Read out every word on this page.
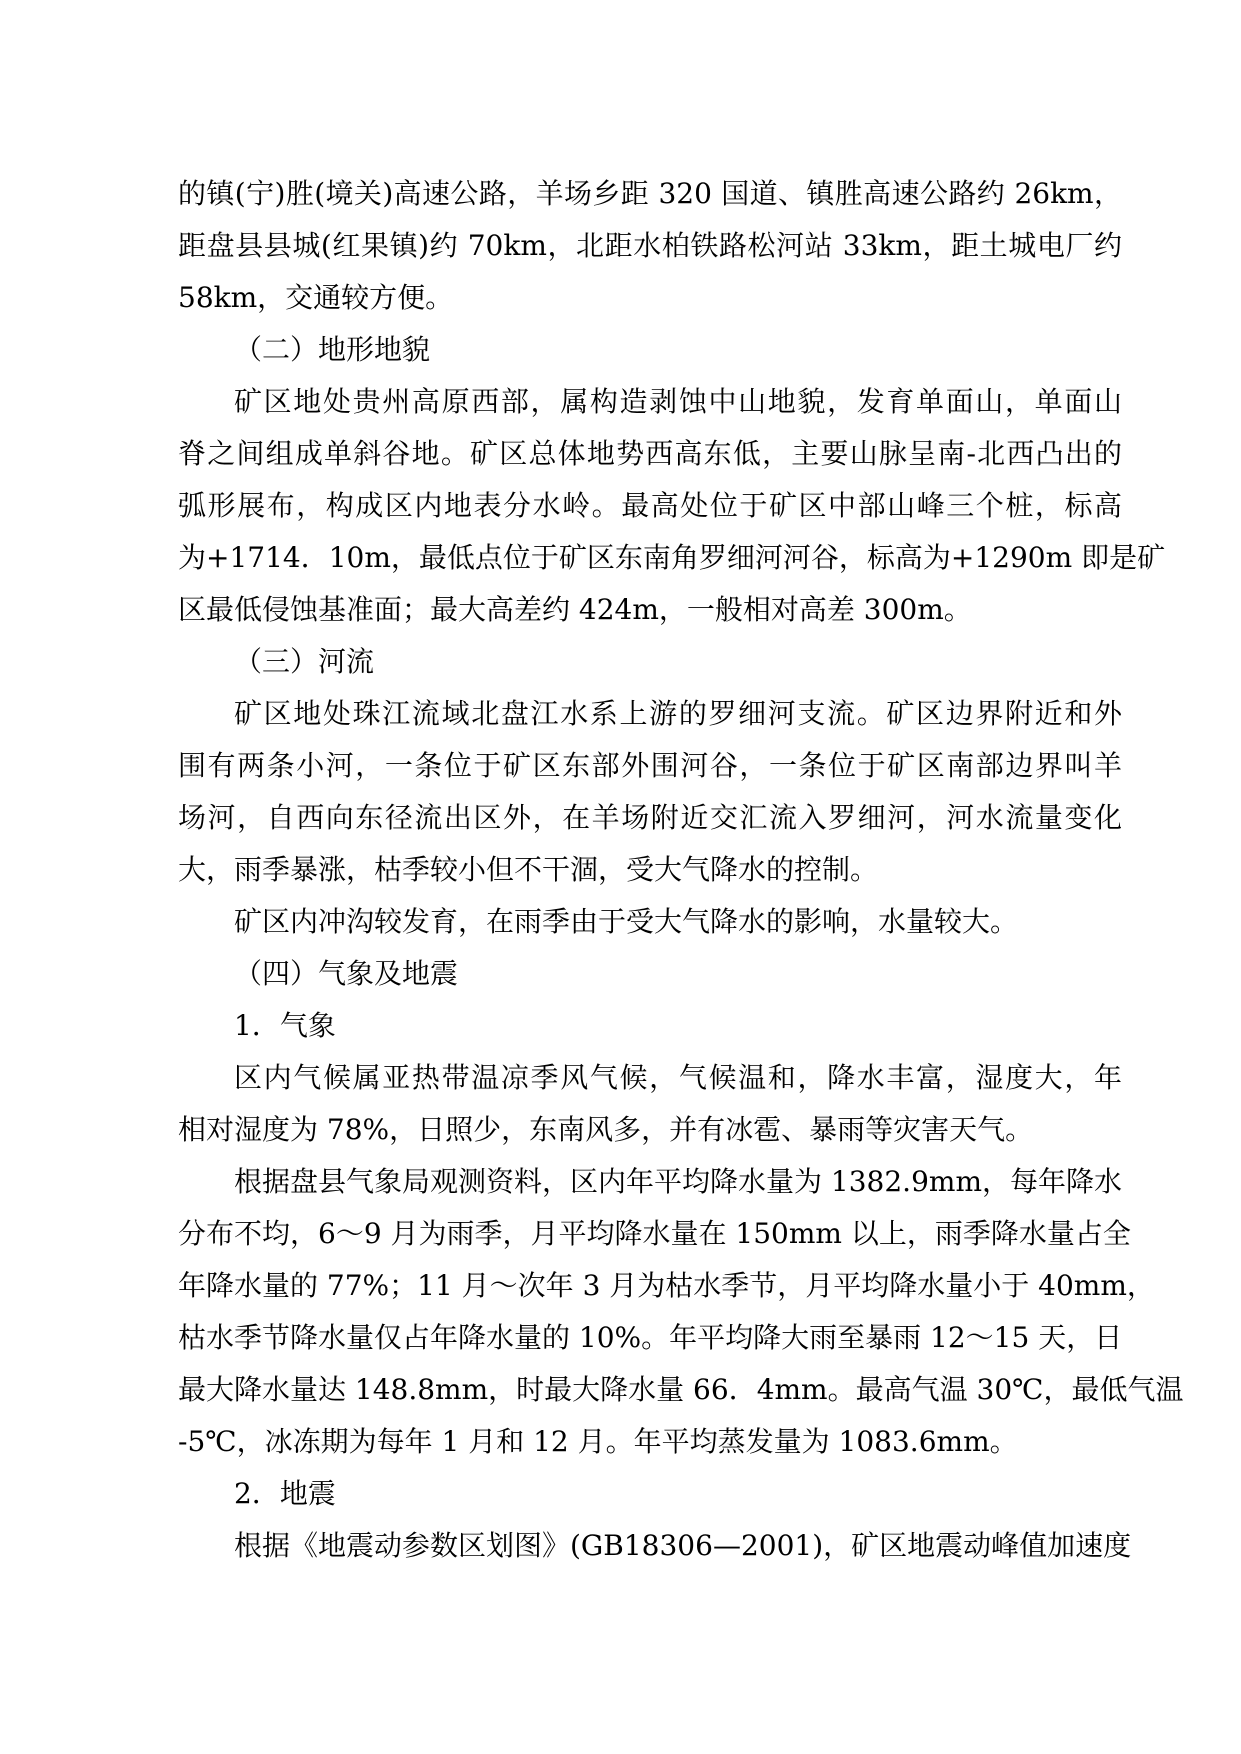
的镇(宁)胜(境关)高速公路，羊场乡距 320 国道、镇胜高速公路约 26km，
距盘县县城(红果镇)约 70km，北距水柏铁路松河站 33km，距土城电厂约
58km，交通较方便。
（二）地形地貌
矿区地处贵州高原西部，属构造剥蚀中山地貌，发育单面山，单面山
脊之间组成单斜谷地。矿区总体地势西高东低，主要山脉呈南-北西凸出的
弧形展布，构成区内地表分水岭。最高处位于矿区中部山峰三个桩，标高
为+1714．10m，最低点位于矿区东南角罗细河河谷，标高为+1290m 即是矿
区最低侵蚀基准面；最大高差约 424m，一般相对高差 300m。
（三）河流
矿区地处珠江流域北盘江水系上游的罗细河支流。矿区边界附近和外
围有两条小河，一条位于矿区东部外围河谷，一条位于矿区南部边界叫羊
场河，自西向东径流出区外，在羊场附近交汇流入罗细河，河水流量变化
大，雨季暴涨，枯季较小但不干涸，受大气降水的控制。
矿区内冲沟较发育，在雨季由于受大气降水的影响，水量较大。
（四）气象及地震
1．气象
区内气候属亚热带温凉季风气候，气候温和，降水丰富，湿度大，年
相对湿度为 78%，日照少，东南风多，并有冰雹、暴雨等灾害天气。
根据盘县气象局观测资料，区内年平均降水量为 1382.9mm，每年降水
分布不均，6～9 月为雨季，月平均降水量在 150mm 以上，雨季降水量占全
年降水量的 77%；11 月～次年 3 月为枯水季节，月平均降水量小于 40mm，
枯水季节降水量仅占年降水量的 10%。年平均降大雨至暴雨 12～15 天，日
最大降水量达 148.8mm，时最大降水量 66．4mm。最高气温 30℃，最低气温
-5℃，冰冻期为每年 1 月和 12 月。年平均蒸发量为 1083.6mm。
2．地震
根据《地震动参数区划图》(GB18306—2001)，矿区地震动峰值加速度
